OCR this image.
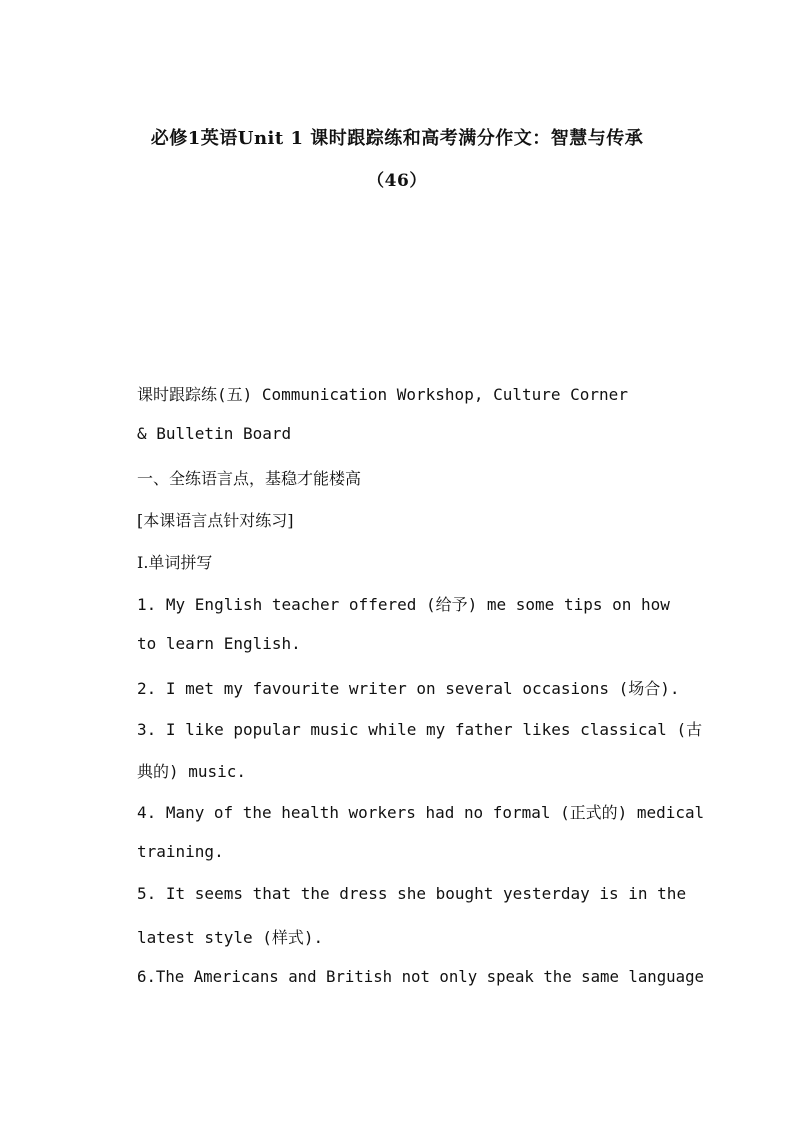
必修1英语Unit 1 课时跟踪练和高考满分作文：智慧与传承
（46）
课时跟踪练(五) Communication Workshop, Culture Corner
& Bulletin Board
一、全练语言点，基稳才能楼高
[本课语言点针对练习]
Ⅰ.单词拼写
1. My English teacher offered (给予) me some tips on how
to learn English.
2. I met my favourite writer on several occasions (场合).
3. I like popular music while my father likes classical (古
典的) music.
4. Many of the health workers had no formal (正式的) medical
training.
5. It seems that the dress she bought yesterday is in the
latest style (样式).
6.The Americans and British not only speak the same language
